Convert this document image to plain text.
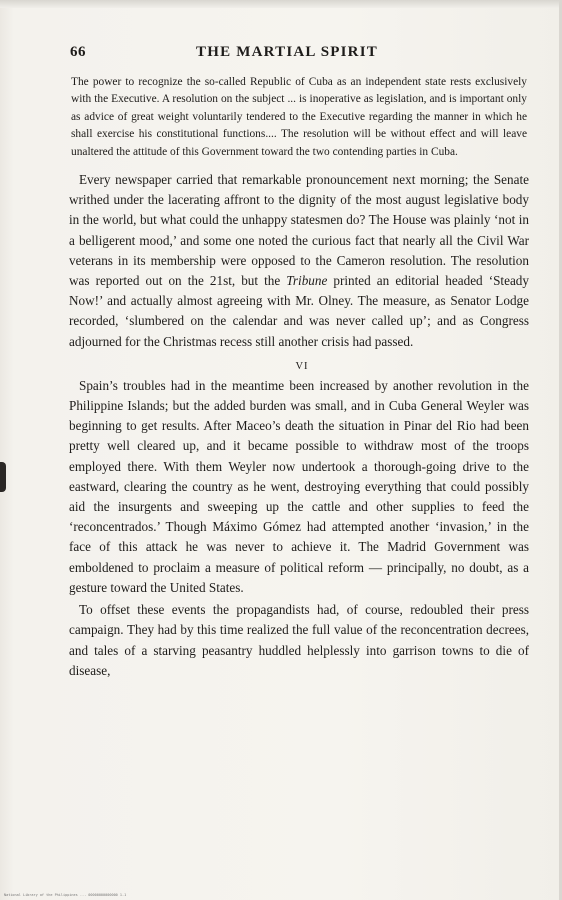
66	THE MARTIAL SPIRIT

The power to recognize the so-called Republic of Cuba as an independent state rests exclusively with the Executive. A resolution on the subject ... is inoperative as legislation, and is important only as advice of great weight voluntarily tendered to the Executive regarding the manner in which he shall exercise his constitutional functions.... The resolution will be without effect and will leave unaltered the attitude of this Government toward the two contending parties in Cuba.

Every newspaper carried that remarkable pronouncement next morning; the Senate writhed under the lacerating affront to the dignity of the most august legislative body in the world, but what could the unhappy statesmen do? The House was plainly ‘not in a belligerent mood,’ and some one noted the curious fact that nearly all the Civil War veterans in its membership were opposed to the Cameron resolution. The resolution was reported out on the 21st, but the Tribune printed an editorial headed ‘Steady Now!’ and actually almost agreeing with Mr. Olney. The measure, as Senator Lodge recorded, ‘slumbered on the calendar and was never called up’; and as Congress adjourned for the Christmas recess still another crisis had passed.

VI

Spain’s troubles had in the meantime been increased by another revolution in the Philippine Islands; but the added burden was small, and in Cuba General Weyler was beginning to get results. After Maceo’s death the situation in Pinar del Rio had been pretty well cleared up, and it became possible to withdraw most of the troops employed there. With them Weyler now undertook a thorough-going drive to the eastward, clearing the country as he went, destroying everything that could possibly aid the insurgents and sweeping up the cattle and other supplies to feed the ‘reconcentrados.’ Though Máximo Gómez had attempted another ‘invasion,’ in the face of this attack he was never to achieve it. The Madrid Government was emboldened to proclaim a measure of political reform — principally, no doubt, as a gesture toward the United States.

To offset these events the propagandists had, of course, redoubled their press campaign. They had by this time realized the full value of the reconcentration decrees, and tales of a starving peasantry huddled helplessly into garrison towns to die of disease,

National Library of the Philippines ... 00000000000000 1-1
